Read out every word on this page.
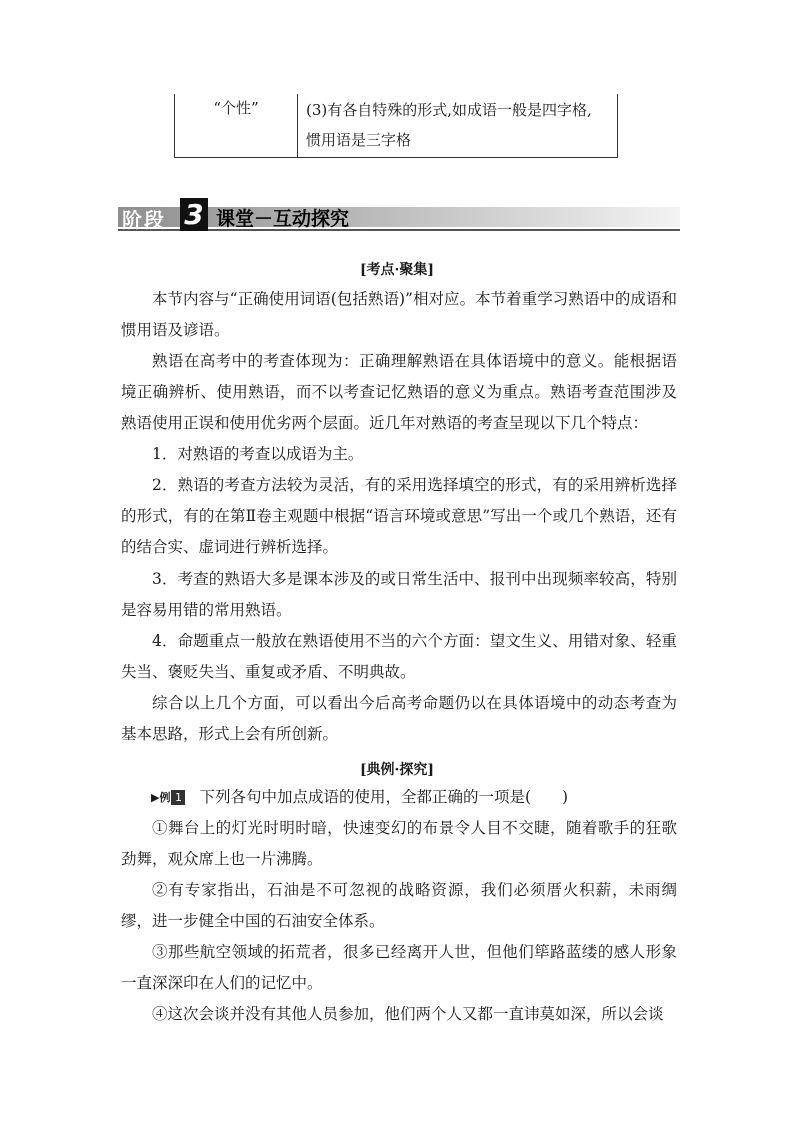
“个性”	(3)有各自特殊的形式,如成语一般是四字格,
惯用语是三字格
阶段 3 课堂－互动探究
[考点·聚集]

本节内容与“正确使用词语(包括熟语)”相对应。本节着重学习熟语中的成语和惯用语及谚语。

熟语在高考中的考查体现为：正确理解熟语在具体语境中的意义。能根据语境正确辨析、使用熟语，而不以考查记忆熟语的意义为重点。熟语考查范围涉及熟语使用正误和使用优劣两个层面。近几年对熟语的考查呈现以下几个特点：

1．对熟语的考查以成语为主。

2．熟语的考查方法较为灵活，有的采用选择填空的形式，有的采用辨析选择的形式，有的在第Ⅱ卷主观题中根据“语言环境或意思”写出一个或几个熟语，还有的结合实、虚词进行辨析选择。

3．考查的熟语大多是课本涉及的或日常生活中、报刊中出现频率较高，特别是容易用错的常用熟语。

4．命题重点一般放在熟语使用不当的六个方面：望文生义、用错对象、轻重失当、褒贬失当、重复或矛盾、不明典故。

综合以上几个方面，可以看出今后高考命题仍以在具体语境中的动态考查为基本思路，形式上会有所创新。

[典例·探究]

▶例 1 下列各句中加点成语的使用，全都正确的一项是(　　)

①舞台上的灯光时明时暗，快速变幻的布景令人目不交睫，随着歌手的狂歌劲舞，观众席上也一片沸腾。

②有专家指出，石油是不可忽视的战略资源，我们必须厝火积薪，未雨绸缪，进一步健全中国的石油安全体系。

③那些航空领域的拓荒者，很多已经离开人世，但他们筚路蓝缕的感人形象一直深深印在人们的记忆中。

④这次会谈并没有其他人员参加，他们两个人又都一直讳莫如深，所以会谈
